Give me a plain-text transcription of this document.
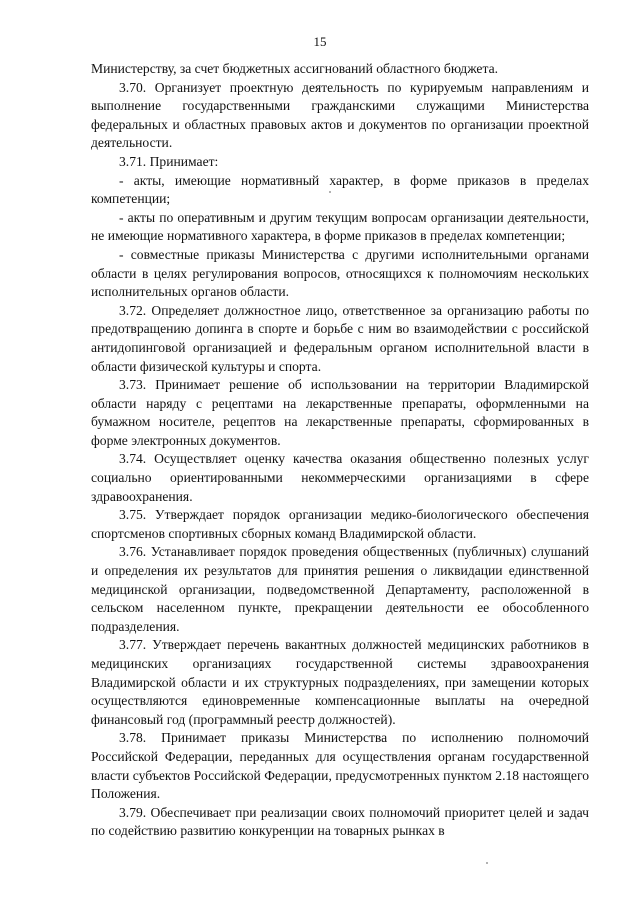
15

Министерству, за счет бюджетных ассигнований областного бюджета.

3.70. Организует проектную деятельность по курируемым направлениям и выполнение государственными гражданскими служащими Министерства федеральных и областных правовых актов и документов по организации проектной деятельности.

3.71. Принимает:

- акты, имеющие нормативный характер, в форме приказов в пределах компетенции;

- акты по оперативным и другим текущим вопросам организации деятельности, не имеющие нормативного характера, в форме приказов в пределах компетенции;

- совместные приказы Министерства с другими исполнительными органами области в целях регулирования вопросов, относящихся к полномочиям нескольких исполнительных органов области.

3.72. Определяет должностное лицо, ответственное за организацию работы по предотвращению допинга в спорте и борьбе с ним во взаимодействии с российской антидопинговой организацией и федеральным органом исполнительной власти в области физической культуры и спорта.

3.73. Принимает решение об использовании на территории Владимирской области наряду с рецептами на лекарственные препараты, оформленными на бумажном носителе, рецептов на лекарственные препараты, сформированных в форме электронных документов.

3.74. Осуществляет оценку качества оказания общественно полезных услуг социально ориентированными некоммерческими организациями в сфере здравоохранения.

3.75. Утверждает порядок организации медико-биологического обеспечения спортсменов спортивных сборных команд Владимирской области.

3.76. Устанавливает порядок проведения общественных (публичных) слушаний и определения их результатов для принятия решения о ликвидации единственной медицинской организации, подведомственной Департаменту, расположенной в сельском населенном пункте, прекращении деятельности ее обособленного подразделения.

3.77. Утверждает перечень вакантных должностей медицинских работников в медицинских организациях государственной системы здравоохранения Владимирской области и их структурных подразделениях, при замещении которых осуществляются единовременные компенсационные выплаты на очередной финансовый год (программный реестр должностей).

3.78. Принимает приказы Министерства по исполнению полномочий Российской Федерации, переданных для осуществления органам государственной власти субъектов Российской Федерации, предусмотренных пунктом 2.18 настоящего Положения.

3.79. Обеспечивает при реализации своих полномочий приоритет целей и задач по содействию развитию конкуренции на товарных рынках в
